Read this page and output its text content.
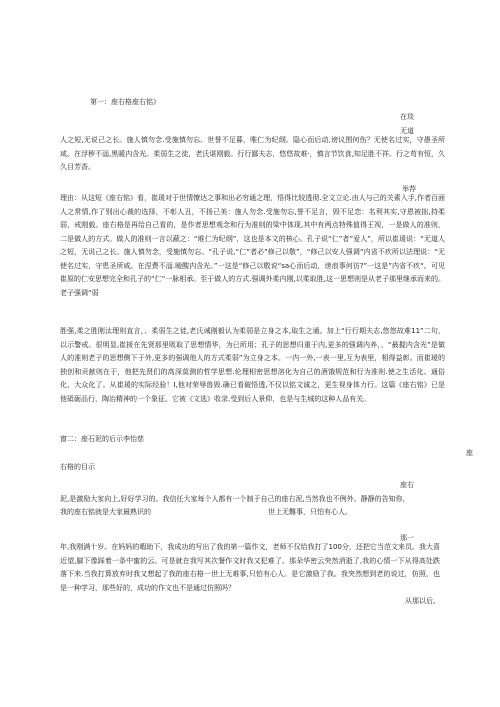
第一：座右格座右铭》
在琰
无道
人之短,无说己之长。施人慎勿念.受施慎勿忘。世誉不足暮，唯仁为纪纲。隐心而后动,谤议围何伤？无使名过实，守愚圣所咸。在浮秽不淄,黑暖内含光。柔弱生之徒，老氏谌刚毅。行行鄙夫志，悠悠故难·，慎言节饮食,知足胜不祥。行之苟有恒，久久目芳香。
举荐
理由：从这短《座右铭》看，崔瑗对于世情憭达之事和出必穷通之理，悟得比较透彻.全文立论.由人与己的关素入手,作者百面人之常情,作了别出心裁的选择，不彰人丑，不扬己美：施人勿念.受施勿忘,誉不足言，毁不足恋：名利其实,守恩被拙,持柔弱，戒刚毅。座右格是再给自己看的，是作者思想观念和行为准则的梁中体现,其中有两点特殊值得王视，一是做人的准则，二是做人的方式。做人的准则一言以蔽之：“堆仁为纪纲”，这也是本文的核心。孔子说“仁”者”爱人”，所以崔瑗说：“无道人之短，无说己之长。施人慎勿念，受施慎勿忘。“孔子说,“仁”者必”修己以敬”，“修己以安人强调“内省不疚所以法理说：“无使名过实，守患圣所咸。在涅费不淄.暧酸内含光。”一这是“修己以敬说“sa心而后动，谤浪事何彷?”一这是”内省不疚“。可见崔原的仁安思想完全和孔子的“仁“一脉相承。至于做人的方式.强调外柔内刚,以柔取胜,这一思想则是从老子那里继承而来的。老子强调“弱
胜强,柔之胜刚汰理则直言，、柔弱生之徒,老氏诫刚毅认为柔弱是立身之本,取生之通。加上“行行期夫志,悠悠故难11”二句，以示警戒。很明显,崔援在先贤那里吸取了思想情华，为已所用；孔子的思想归重于内,更多的强调内养，、“最握内含光”是做人的准则老子的思想侧下于外,更多的强调他人的方式柔弱”为立身之本。一内一外,一表一里,互为表里，相得益彰。而崔瑷的独创和贡献则在于，他把先贤们的高深莫测的哲学思想.伦理相密思想溶化为自己的酒饿规范和行为准则.使之生活化、通俗化、大众化了。从崔瑗的实际经验！I,他对荣辱兽毁.确已看破悟透,不仅以铭文诚之，更生视身体力行。这篇《座右铭》已是他砥砺品行，陶冶精神的一个象征。它被《文选》收录.受到后人景仰，也是与生城的这种人品有关。
窗二：座石泥的后示李怡慈
座
右格的目示
座右
泥,是激励大家向上,好好学习的。我信任大家每个人都有一个制于自己的座右泥,当然我也不例外。静静的告知你，
我的座右铭就是大家最熟识的	世上无難事，只怕有心人。
那一
年,我刚满十岁。在妈妈的暇助下，我成功的写出了我的第一篇作文，老师不仅给我打了100分，还把它当范文来员。我大喜近望,脚下像踩着一条中蜜的云。可是就在我写其次餐作文时我又犯难了。那朵华密云突然消逝了,我的心情一下从得高处跌落下来.当我打算放弃时我又想起了我的座右格一世上无难事,只怕有心人。是它激励了我。我突然想到老的说过，仿照，也是一种学习，那些好的，成功的作文也不是通过仿照吗？
从那以后,
